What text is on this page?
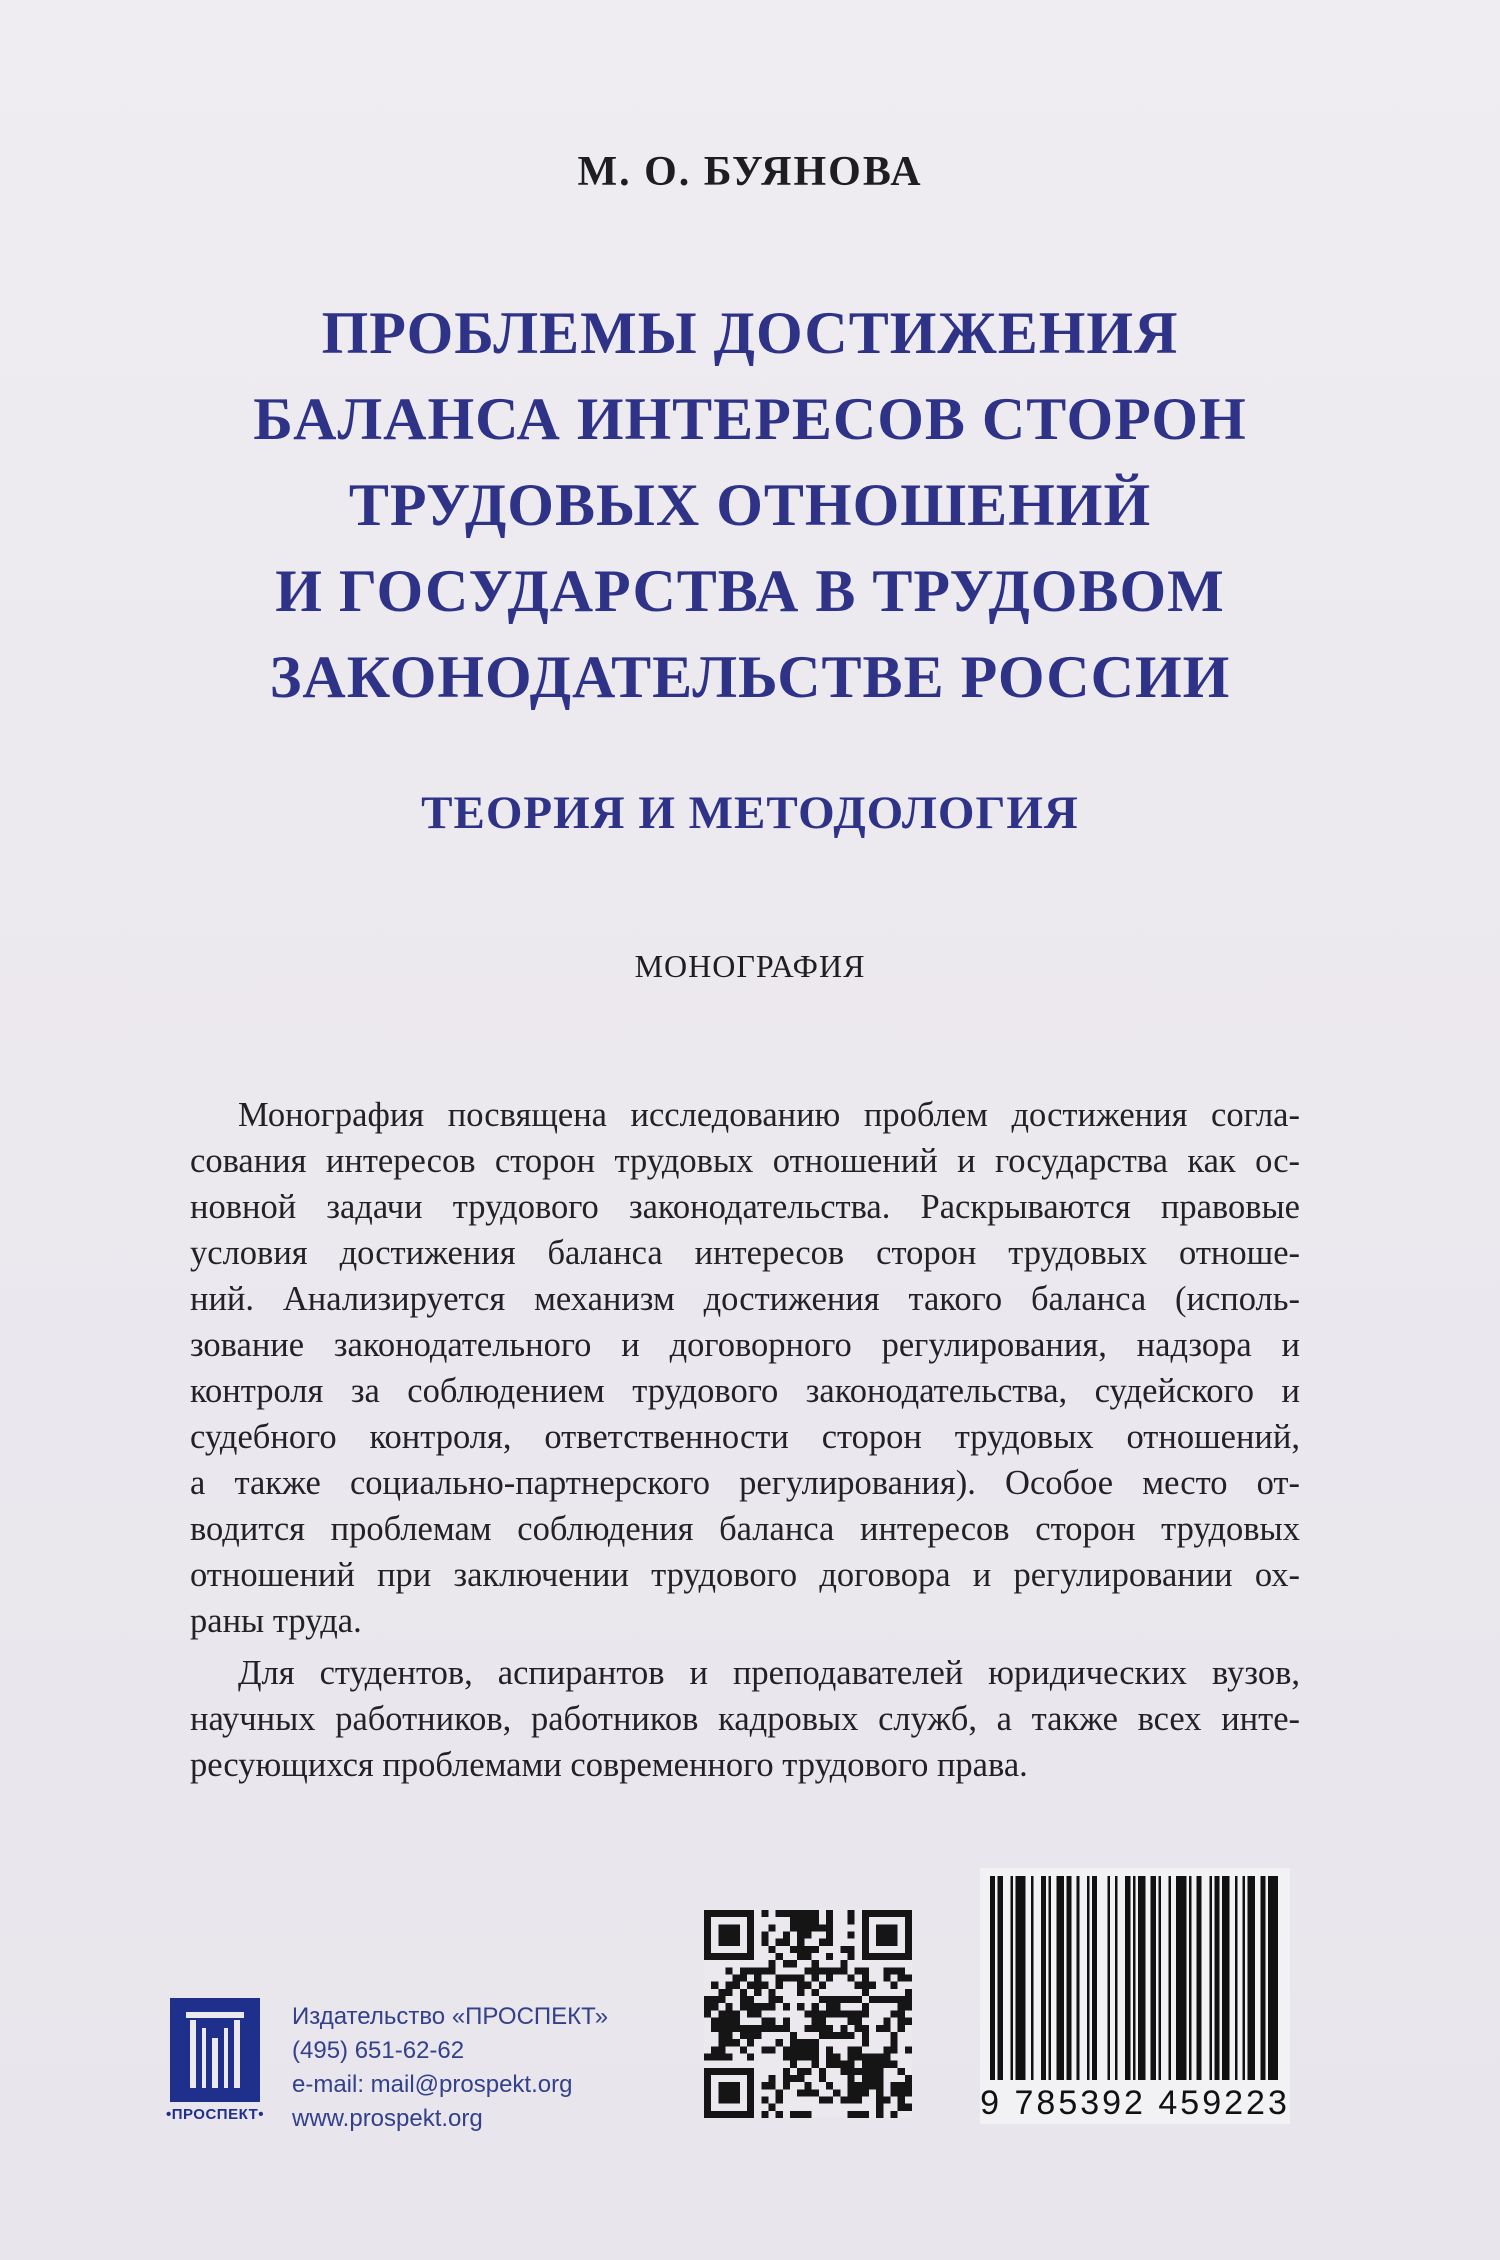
М. О. БУЯНОВА
ПРОБЛЕМЫ ДОСТИЖЕНИЯ
БАЛАНСА ИНТЕРЕСОВ СТОРОН
ТРУДОВЫХ ОТНОШЕНИЙ
И ГОСУДАРСТВА В ТРУДОВОМ
ЗАКОНОДАТЕЛЬСТВЕ РОССИИ
ТЕОРИЯ И МЕТОДОЛОГИЯ
МОНОГРАФИЯ
Монография посвящена исследованию проблем достижения согла-
сования интересов сторон трудовых отношений и государства как ос-
новной задачи трудового законодательства. Раскрываются правовые
условия достижения баланса интересов сторон трудовых отноше-
ний. Анализируется механизм достижения такого баланса (исполь-
зование законодательного и договорного регулирования, надзора и
контроля за соблюдением трудового законодательства, судейского и
судебного контроля, ответственности сторон трудовых отношений,
а также социально-партнерского регулирования). Особое место от-
водится проблемам соблюдения баланса интересов сторон трудовых
отношений при заключении трудового договора и регулировании ох-
раны труда.
Для студентов, аспирантов и преподавателей юридических вузов,
научных работников, работников кадровых служб, а также всех инте-
ресующихся проблемами современного трудового права.
•ПРОСПЕКТ•
Издательство «ПРОСПЕКТ»
(495) 651-62-62
e-mail: mail@prospekt.org
www.prospekt.org	9 785392 459223
